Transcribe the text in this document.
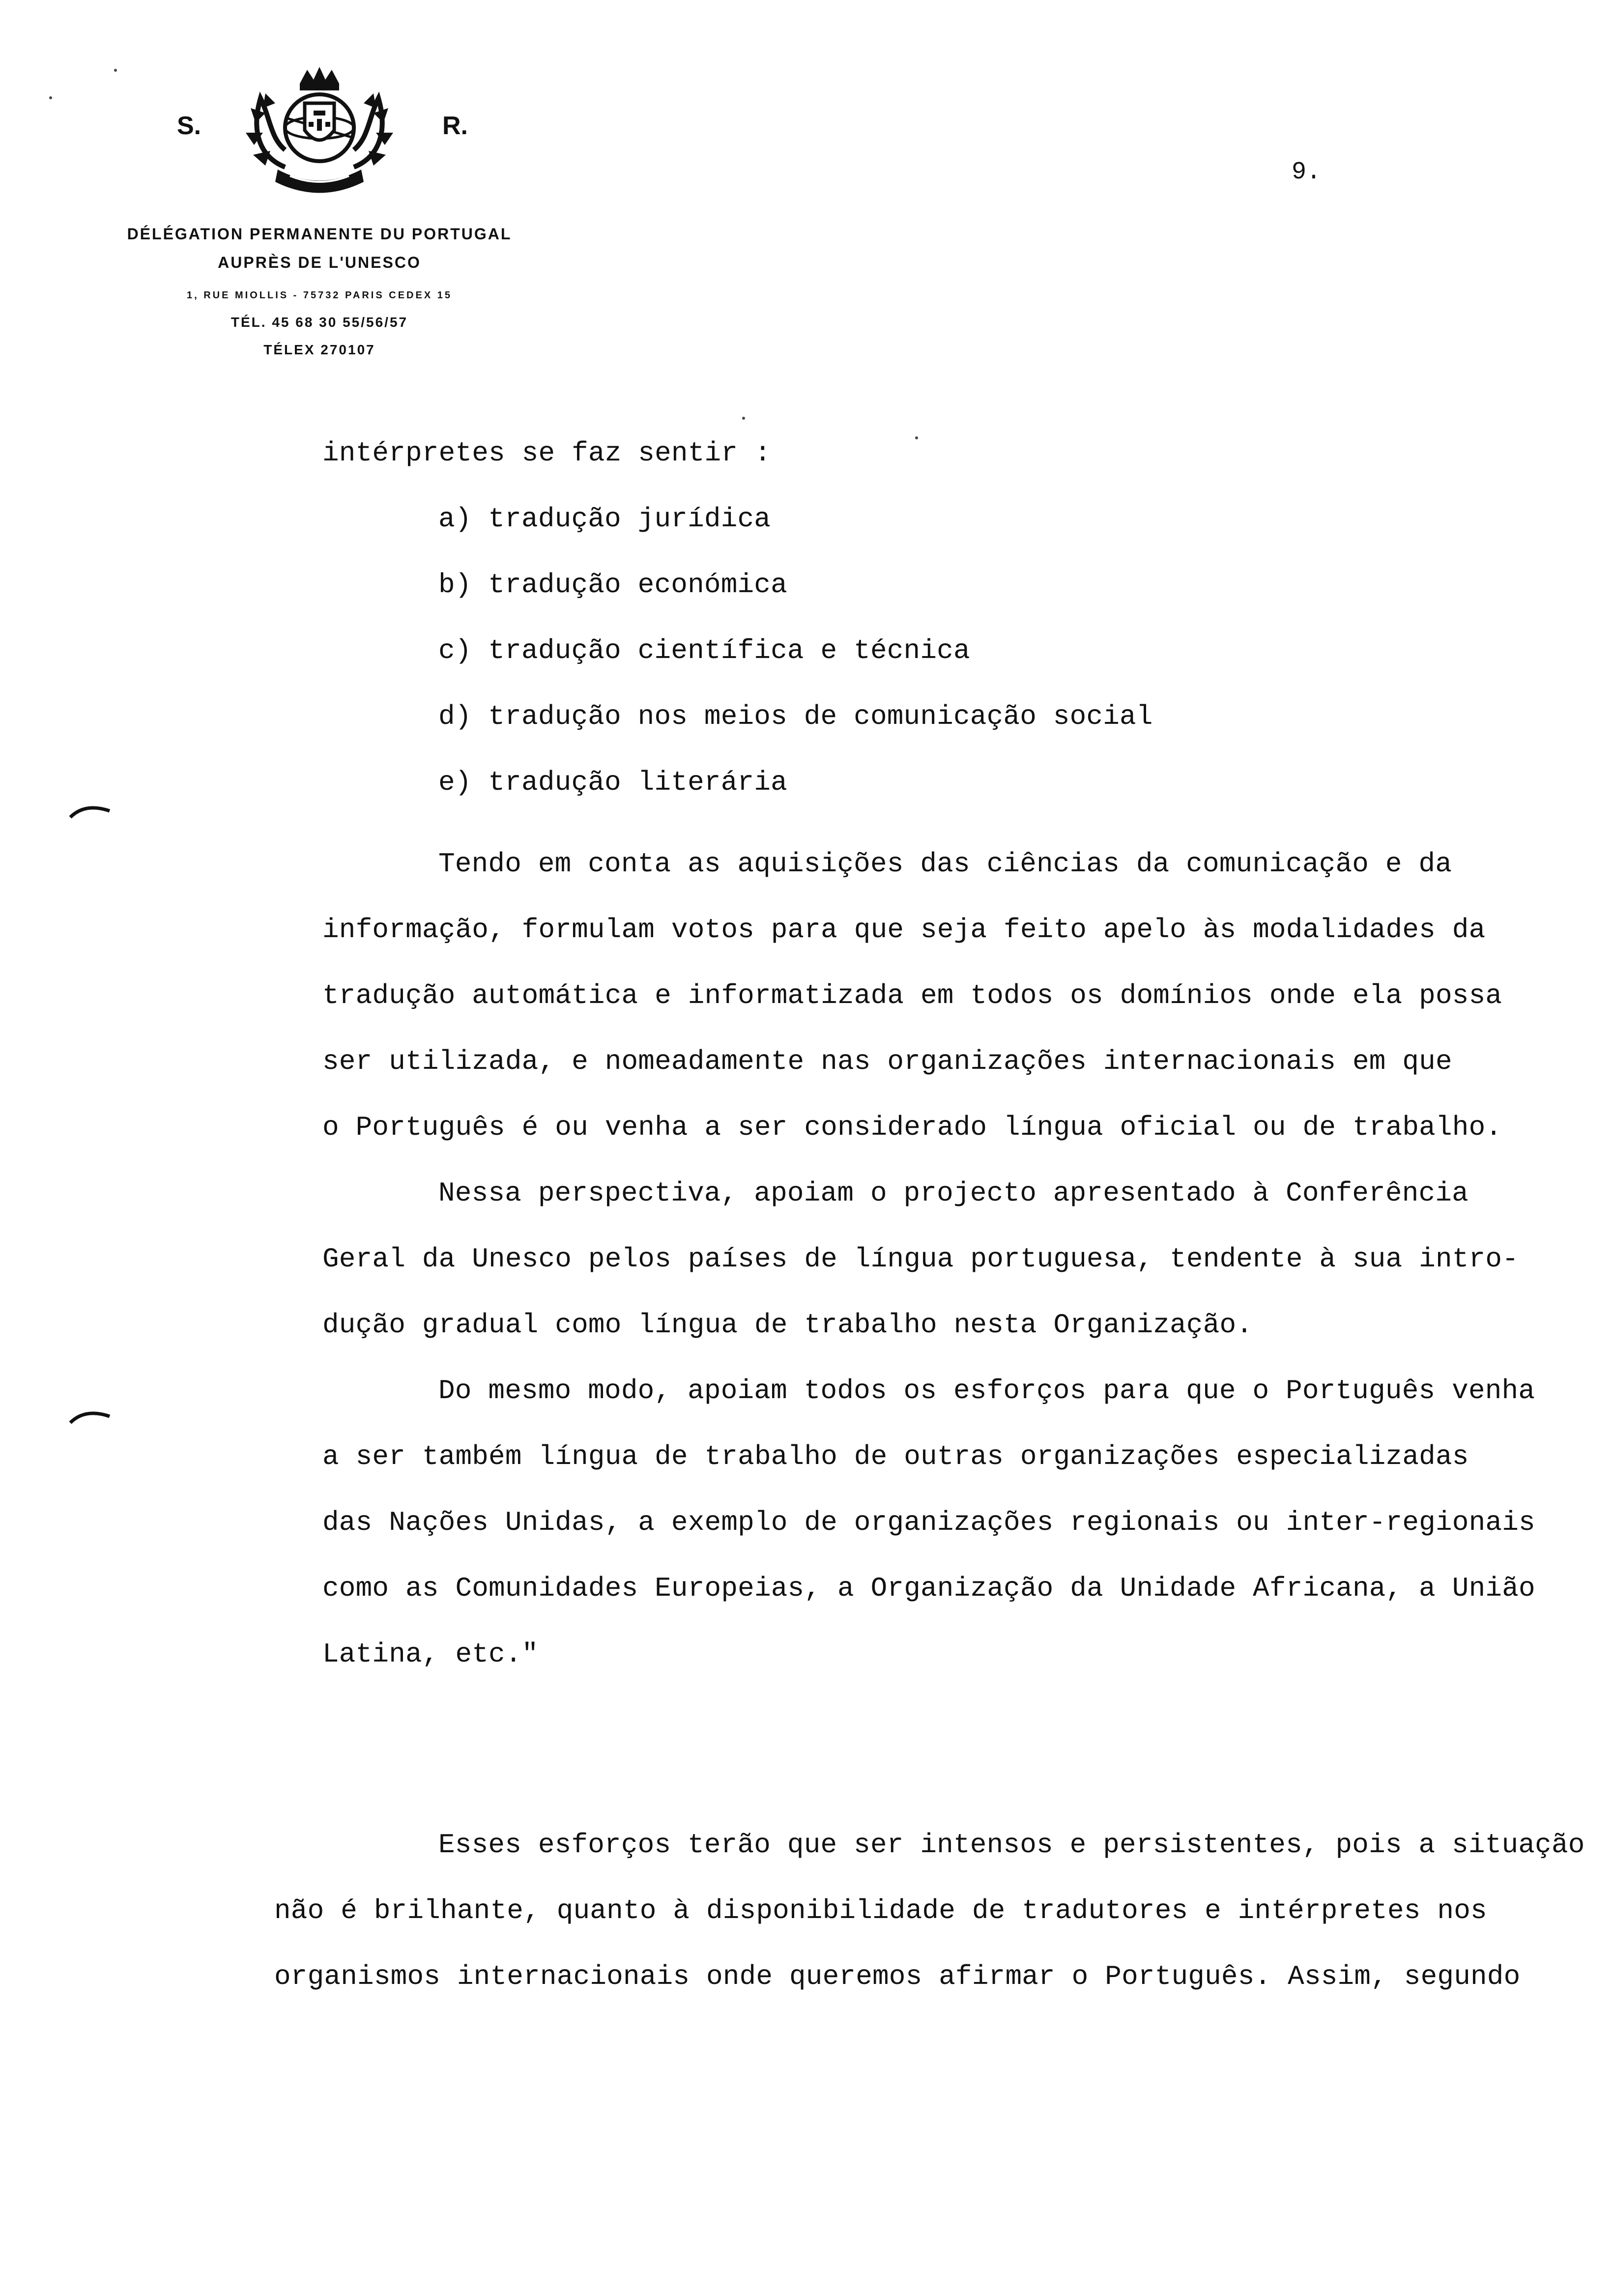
S.	R.
DÉLÉGATION PERMANENTE DU PORTUGAL
AUPRÈS DE L'UNESCO
1, RUE MIOLLIS - 75732 PARIS CEDEX 15
TÉL. 45 68 30 55/56/57
TÉLEX 270107
9.
intérpretes se faz sentir :
a) tradução jurídica
b) tradução económica
c) tradução científica e técnica
d) tradução nos meios de comunicação social
e) tradução literária
Tendo em conta as aquisições das ciências da comunicação e da
informação, formulam votos para que seja feito apelo às modalidades da
tradução automática e informatizada em todos os domínios onde ela possa
ser utilizada, e nomeadamente nas organizações internacionais em que
o Português é ou venha a ser considerado língua oficial ou de trabalho.
Nessa perspectiva, apoiam o projecto apresentado à Conferência
Geral da Unesco pelos países de língua portuguesa, tendente à sua intro-
dução gradual como língua de trabalho nesta Organização.
Do mesmo modo, apoiam todos os esforços para que o Português venha
a ser também língua de trabalho de outras organizações especializadas
das Nações Unidas, a exemplo de organizações regionais ou inter-regionais
como as Comunidades Europeias, a Organização da Unidade Africana, a União
Latina, etc."
Esses esforços terão que ser intensos e persistentes, pois a situação
não é brilhante, quanto à disponibilidade de tradutores e intérpretes nos
organismos internacionais onde queremos afirmar o Português. Assim, segundo
